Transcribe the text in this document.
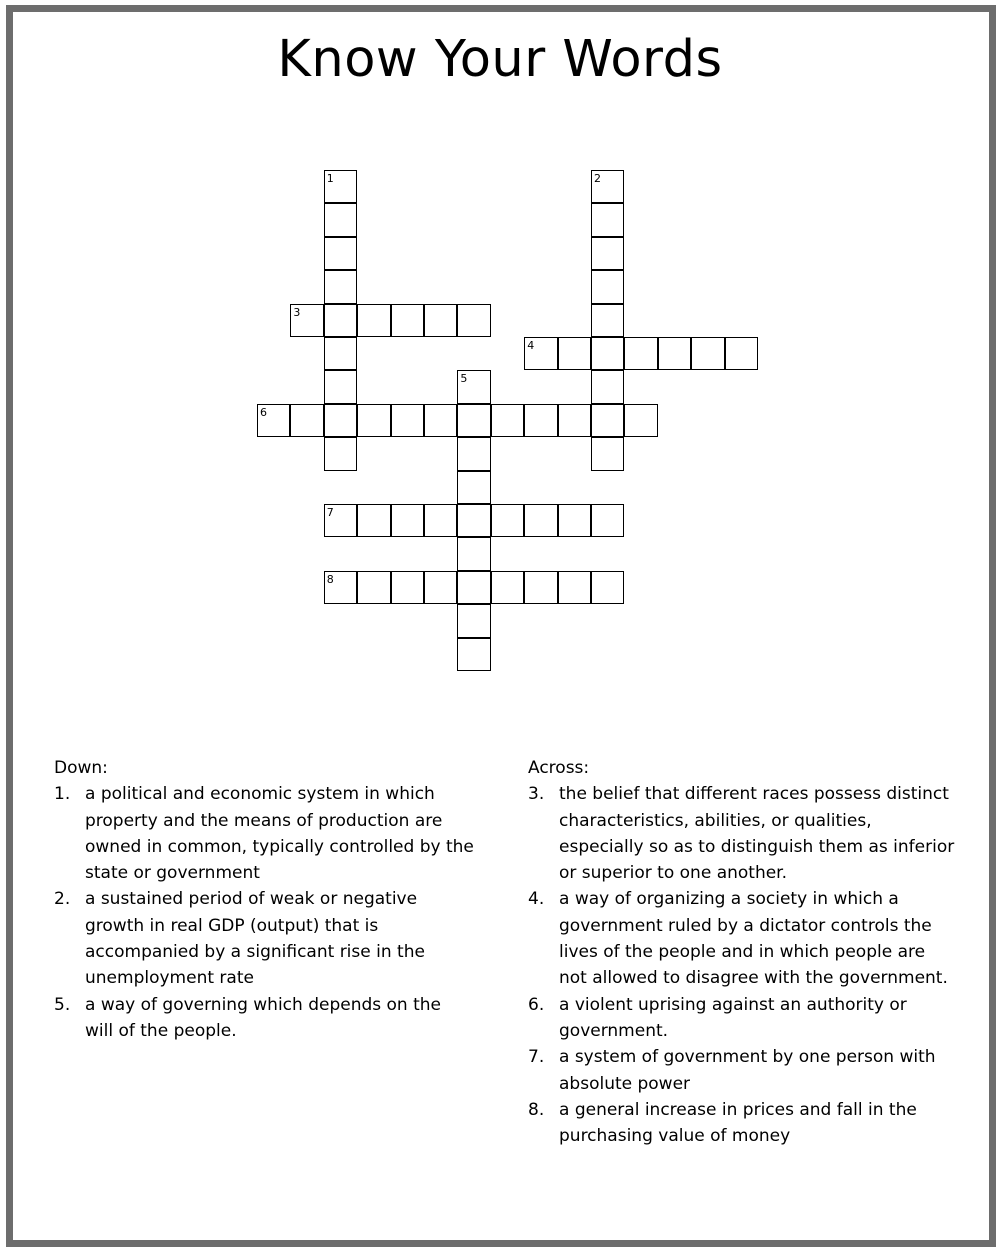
Know Your Words
1	2
3
4
5
6
7
8
Down:
1. a political and economic system in which property and the means of production are owned in common, typically controlled by the state or government
2. a sustained period of weak or negative growth in real GDP (output) that is accompanied by a significant rise in the unemployment rate
5. a way of governing which depends on the will of the people.
Across:
3. the belief that different races possess distinct characteristics, abilities, or qualities, especially so as to distinguish them as inferior or superior to one another.
4. a way of organizing a society in which a government ruled by a dictator controls the lives of the people and in which people are not allowed to disagree with the government.
6. a violent uprising against an authority or government.
7. a system of government by one person with absolute power
8. a general increase in prices and fall in the purchasing value of money
